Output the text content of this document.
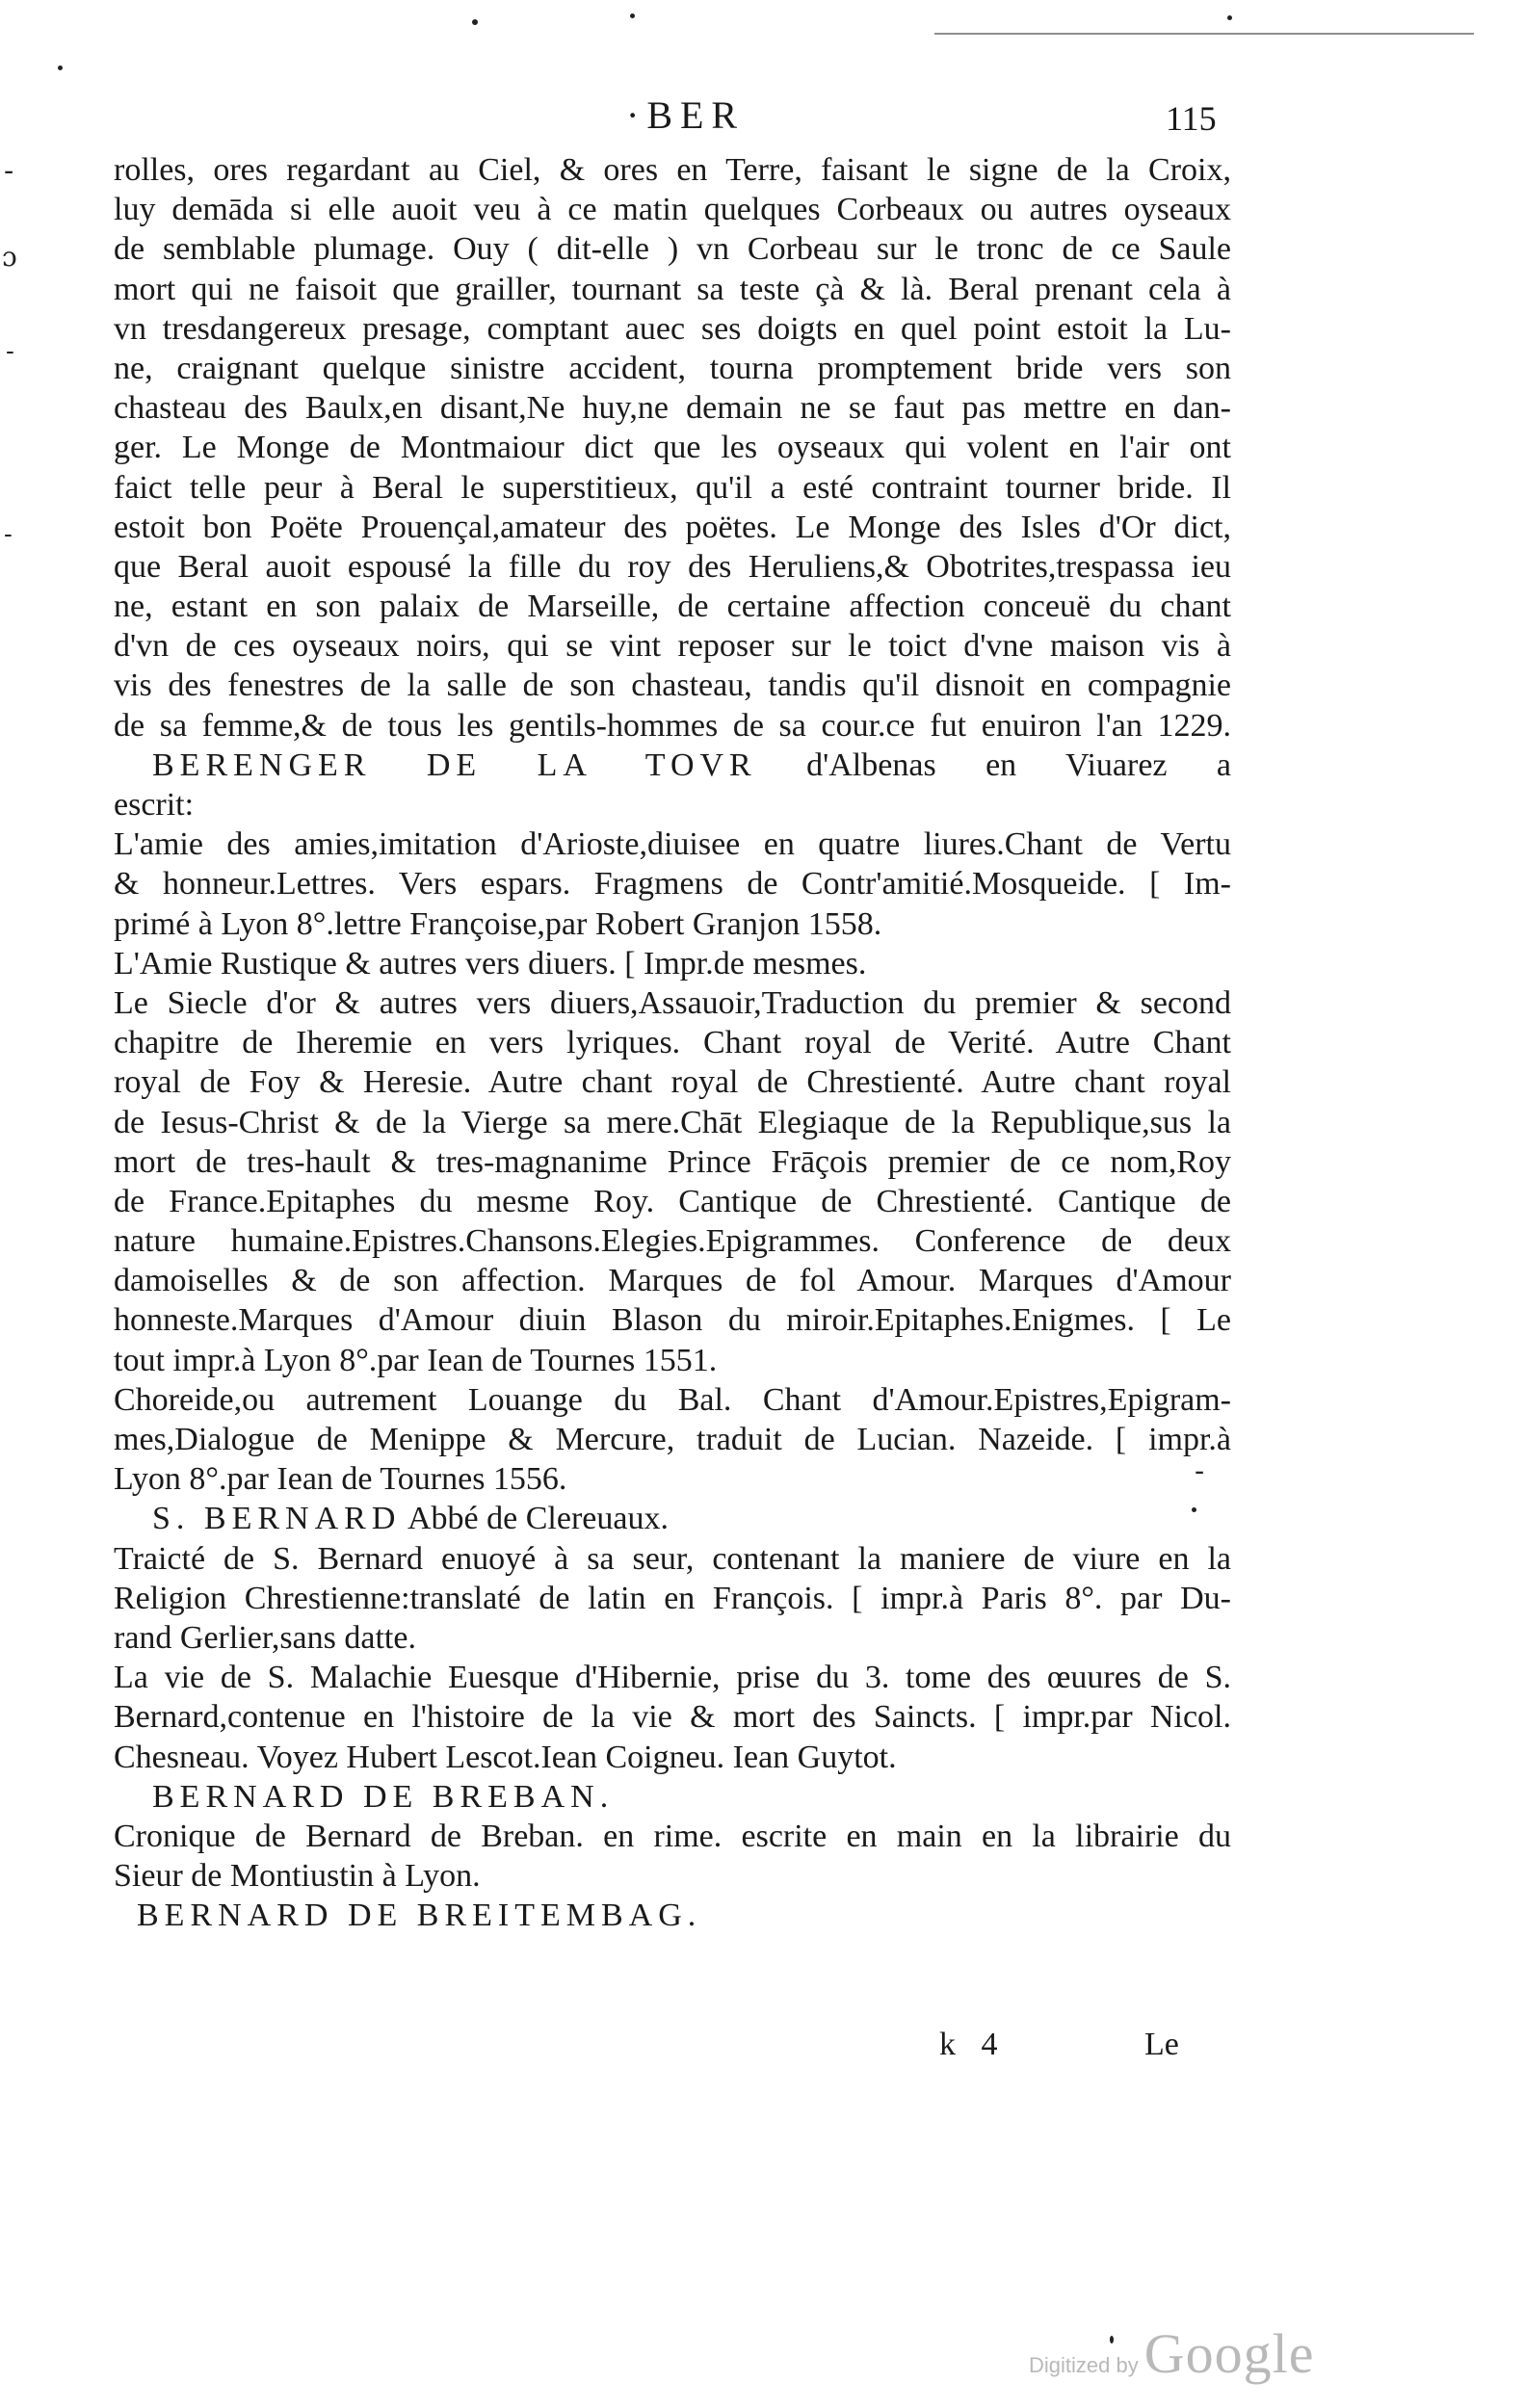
-
ɔ
-
-
-
·BER	115
rolles, ores regardant au Ciel, & ores en Terre, faisant le signe de la Croix,
luy demāda si elle auoit veu à ce matin quelques Corbeaux ou autres oyseaux
de semblable plumage. Ouy ( dit-elle ) vn Corbeau sur le tronc de ce Saule
mort qui ne faisoit que grailler, tournant sa teste çà & là. Beral prenant cela à
vn tresdangereux presage, comptant auec ses doigts en quel point estoit la Lu-
ne, craignant quelque sinistre accident, tourna promptement bride vers son
chasteau des Baulx,en disant,Ne huy,ne demain ne se faut pas mettre en dan-
ger. Le Monge de Montmaiour dict que les oyseaux qui volent en l'air ont
faict telle peur à Beral le superstitieux, qu'il a esté contraint tourner bride. Il
estoit bon Poëte Prouençal,amateur des poëtes. Le Monge des Isles d'Or dict,
que Beral auoit espousé la fille du roy des Heruliens,& Obotrites,trespassa ieu
ne, estant en son palaix de Marseille, de certaine affection conceuë du chant
d'vn de ces oyseaux noirs, qui se vint reposer sur le toict d'vne maison vis à
vis des fenestres de la salle de son chasteau, tandis qu'il disnoit en compagnie
de sa femme,& de tous les gentils-hommes de sa cour.ce fut enuiron l'an 1229.
BERENGER DE LA TOVR d'Albenas en Viuarez a
escrit:
L'amie des amies,imitation d'Arioste,diuisee en quatre liures.Chant de Vertu
& honneur.Lettres. Vers espars. Fragmens de Contr'amitié.Mosqueide. [ Im-
primé à Lyon 8°.lettre Françoise,par Robert Granjon 1558.
L'Amie Rustique & autres vers diuers. [ Impr.de mesmes.
Le Siecle d'or & autres vers diuers,Assauoir,Traduction du premier & second
chapitre de Iheremie en vers lyriques. Chant royal de Verité. Autre Chant
royal de Foy & Heresie. Autre chant royal de Chrestienté. Autre chant royal
de Iesus-Christ & de la Vierge sa mere.Chāt Elegiaque de la Republique,sus la
mort de tres-hault & tres-magnanime Prince Frāçois premier de ce nom,Roy
de France.Epitaphes du mesme Roy. Cantique de Chrestienté. Cantique de
nature humaine.Epistres.Chansons.Elegies.Epigrammes. Conference de deux
damoiselles & de son affection. Marques de fol Amour. Marques d'Amour
honneste.Marques d'Amour diuin Blason du miroir.Epitaphes.Enigmes. [ Le
tout impr.à Lyon 8°.par Iean de Tournes 1551.
Choreide,ou autrement Louange du Bal. Chant d'Amour.Epistres,Epigram-
mes,Dialogue de Menippe & Mercure, traduit de Lucian. Nazeide. [ impr.à
Lyon 8°.par Iean de Tournes 1556.
S. BERNARD Abbé de Clereuaux.
Traicté de S. Bernard enuoyé à sa seur, contenant la maniere de viure en la
Religion Chrestienne:translaté de latin en François. [ impr.à Paris 8°. par Du-
rand Gerlier,sans datte.
La vie de S. Malachie Euesque d'Hibernie, prise du 3. tome des œuures de S.
Bernard,contenue en l'histoire de la vie & mort des Saincts. [ impr.par Nicol.
Chesneau. Voyez Hubert Lescot.Iean Coigneu. Iean Guytot.
BERNARD DE BREBAN.
Cronique de Bernard de Breban. en rime. escrite en main en la librairie du
Sieur de Montiustin à Lyon.
BERNARD DE BREITEMBAG.
k 4	Le
Digitized by Google
